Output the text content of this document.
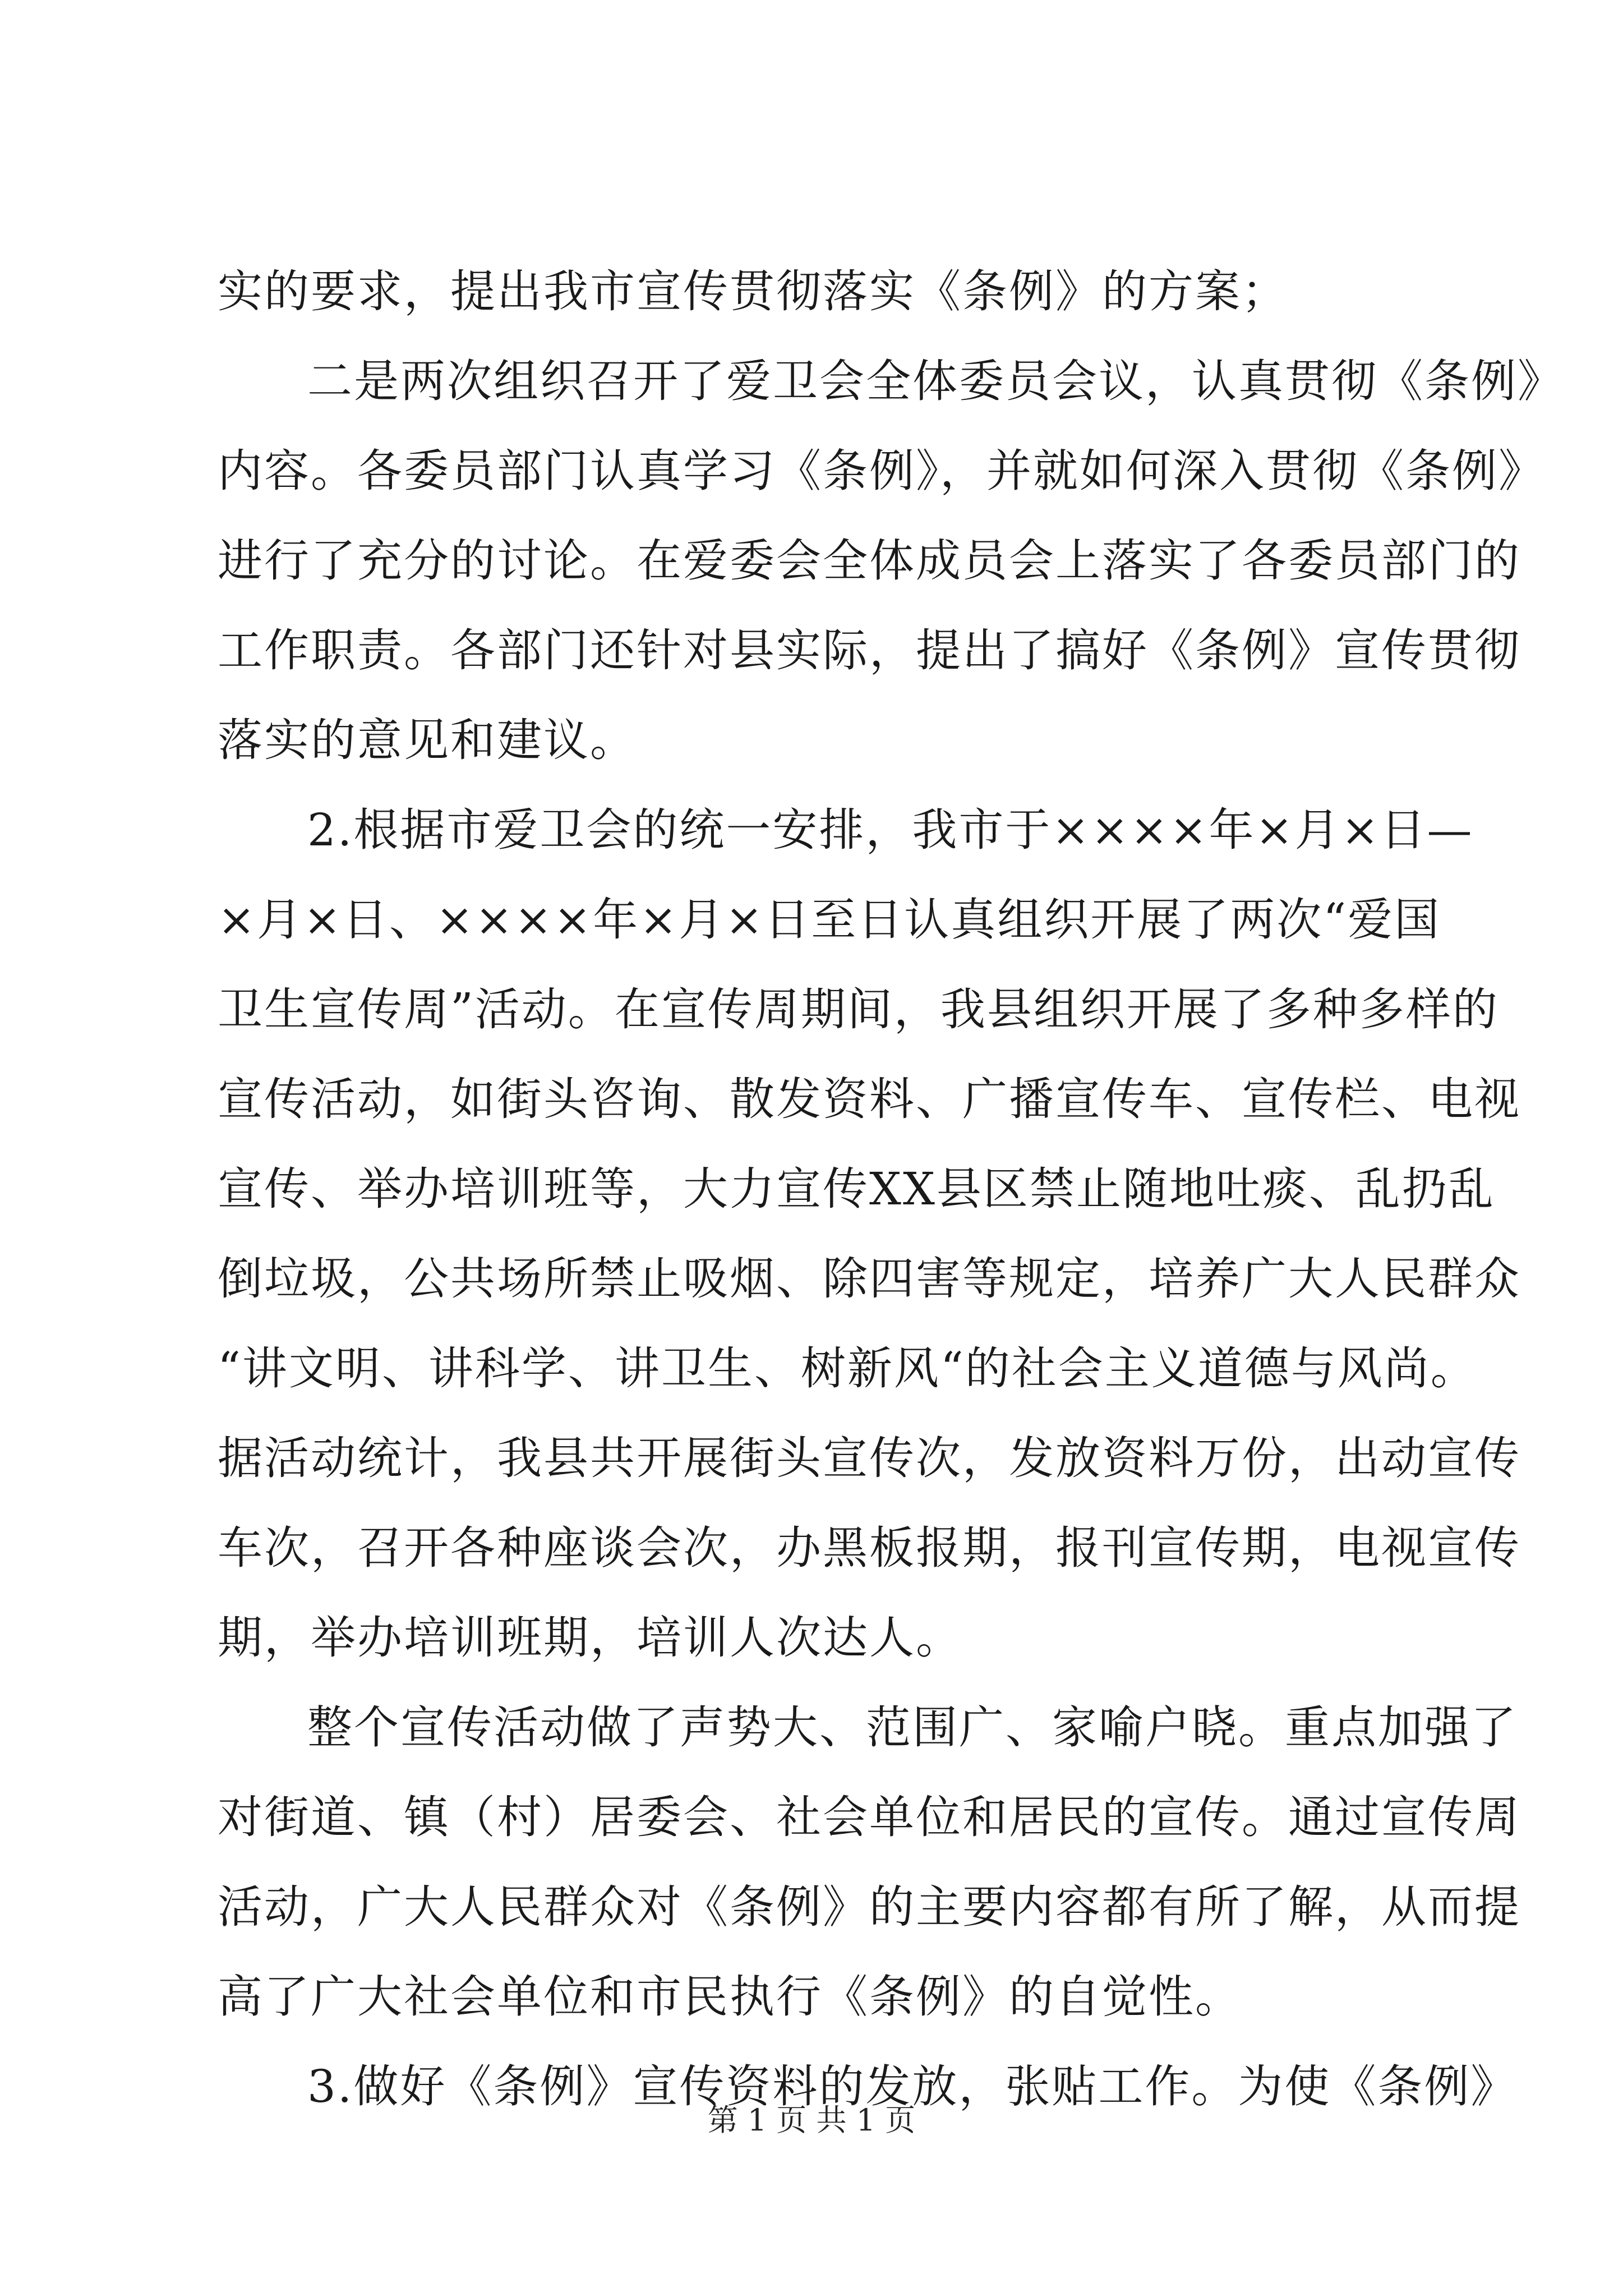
实的要求，提出我市宣传贯彻落实《条例》的方案；
二是两次组织召开了爱卫会全体委员会议，认真贯彻《条例》
内容。各委员部门认真学习《条例》，并就如何深入贯彻《条例》
进行了充分的讨论。在爱委会全体成员会上落实了各委员部门的
工作职责。各部门还针对县实际，提出了搞好《条例》宣传贯彻
落实的意见和建议。
2.根据市爱卫会的统一安排，我市于××××年×月×日—
×月×日、××××年×月×日至日认真组织开展了两次“爱国
卫生宣传周”活动。在宣传周期间，我县组织开展了多种多样的
宣传活动，如街头咨询、散发资料、广播宣传车、宣传栏、电视
宣传、举办培训班等，大力宣传XX县区禁止随地吐痰、乱扔乱
倒垃圾，公共场所禁止吸烟、除四害等规定，培养广大人民群众
“讲文明、讲科学、讲卫生、树新风“的社会主义道德与风尚。
据活动统计，我县共开展街头宣传次，发放资料万份，出动宣传
车次，召开各种座谈会次，办黑板报期，报刊宣传期，电视宣传
期，举办培训班期，培训人次达人。
整个宣传活动做了声势大、范围广、家喻户晓。重点加强了
对街道、镇（村）居委会、社会单位和居民的宣传。通过宣传周
活动，广大人民群众对《条例》的主要内容都有所了解，从而提
高了广大社会单位和市民执行《条例》的自觉性。
3.做好《条例》宣传资料的发放，张贴工作。为使《条例》
第 1 页 共 1 页
